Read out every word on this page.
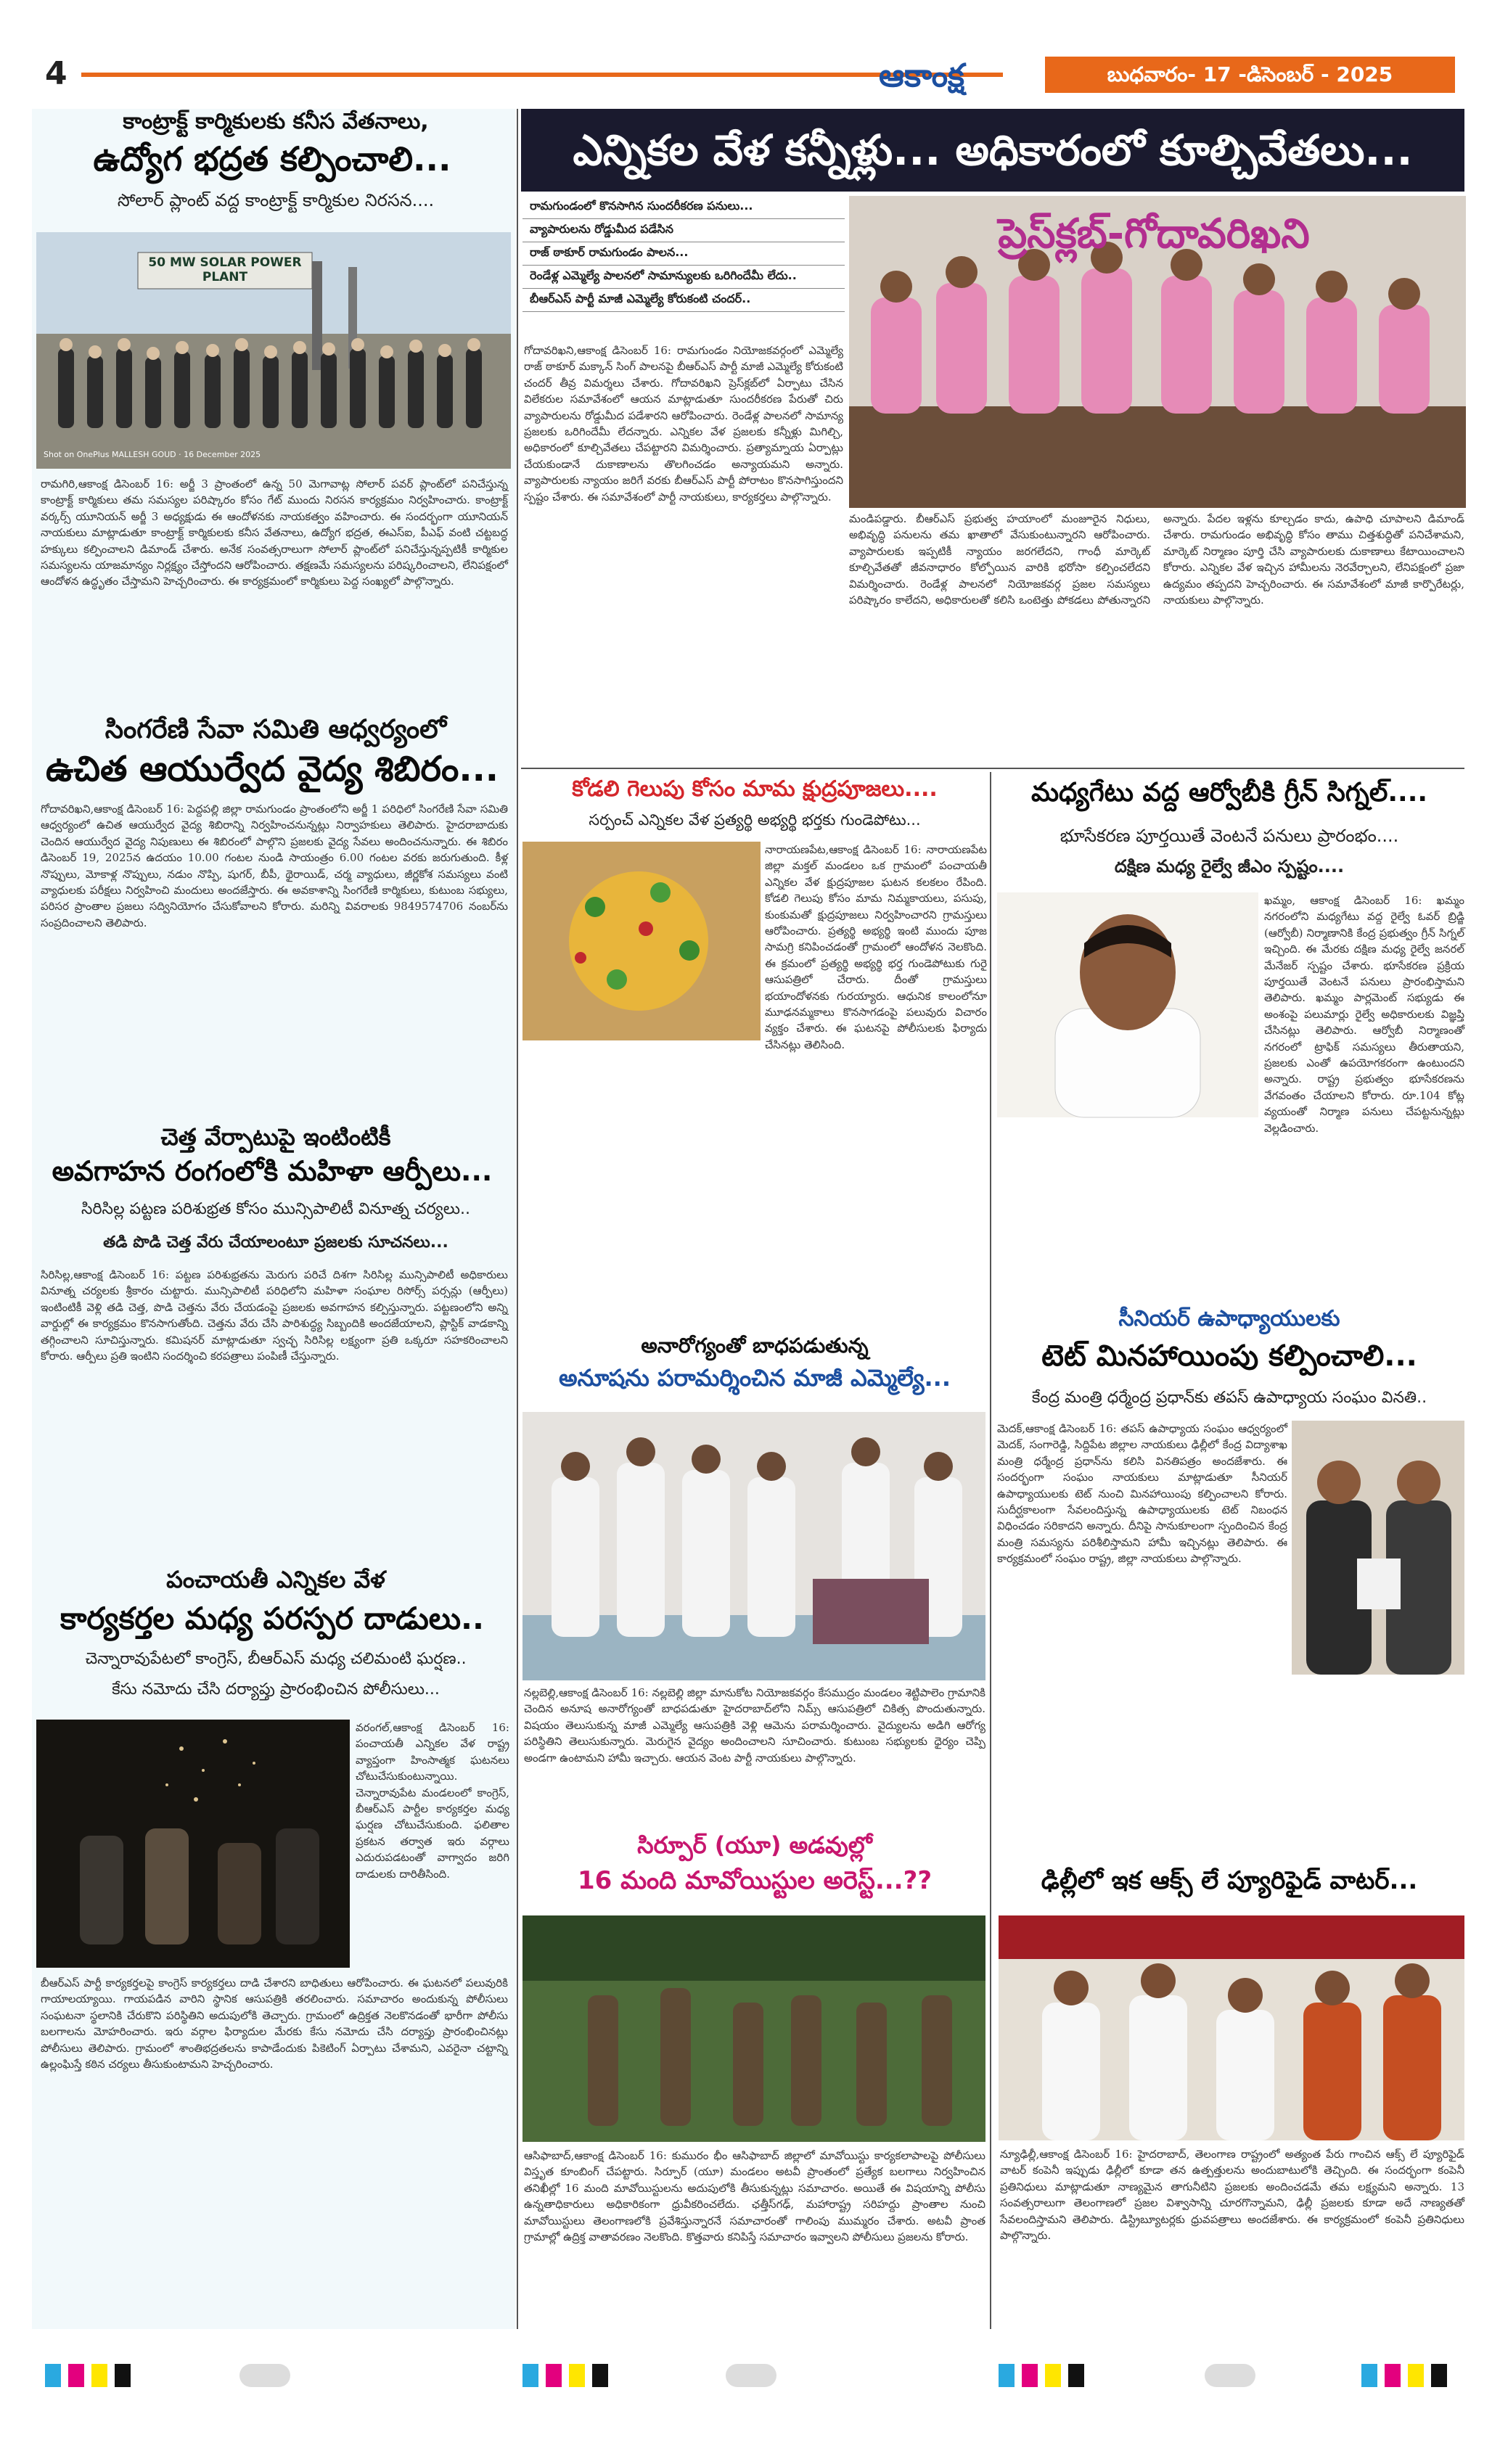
4	ఆకాంక్ష	బుధవారం- 17 -డిసెంబర్ - 2025
కాంట్రాక్ట్ కార్మికులకు కనీస వేతనాలు,
ఉద్యోగ భద్రత కల్పించాలి...
సోలార్ ప్లాంట్ వద్ద కాంట్రాక్ట్ కార్మికుల నిరసన....
50 MW SOLAR POWER PLANT
Shot on OnePlus MALLESH GOUD · 16 December 2025
రామగిరి,ఆకాంక్ష డిసెంబర్ 16: అర్జీ 3 ప్రాంతంలో ఉన్న 50 మెగావాట్ల సోలార్ పవర్ ప్లాంట్‌లో పనిచేస్తున్న కాంట్రాక్ట్ కార్మికులు తమ సమస్యల పరిష్కారం కోసం గేట్ ముందు నిరసన కార్యక్రమం నిర్వహించారు. కాంట్రాక్ట్ వర్కర్స్ యూనియన్ అర్జీ 3 అధ్యక్షుడు ఈ ఆందోళనకు నాయకత్వం వహించారు. ఈ సందర్భంగా యూనియన్ నాయకులు మాట్లాడుతూ కాంట్రాక్ట్ కార్మికులకు కనీస వేతనాలు, ఉద్యోగ భద్రత, ఈఎస్ఐ, పీఎఫ్ వంటి చట్టబద్ధ హక్కులు కల్పించాలని డిమాండ్ చేశారు. అనేక సంవత్సరాలుగా సోలార్ ప్లాంట్‌లో పనిచేస్తున్నప్పటికీ కార్మికుల సమస్యలను యాజమాన్యం నిర్లక్ష్యం చేస్తోందని ఆరోపించారు. తక్షణమే సమస్యలను పరిష్కరించాలని, లేనిపక్షంలో ఆందోళన ఉద్ధృతం చేస్తామని హెచ్చరించారు. ఈ కార్యక్రమంలో కార్మికులు పెద్ద సంఖ్యలో పాల్గొన్నారు.
సింగరేణి సేవా సమితి ఆధ్వర్యంలో
ఉచిత ఆయుర్వేద వైద్య శిబిరం...
గోదావరిఖని,ఆకాంక్ష డిసెంబర్ 16: పెద్దపల్లి జిల్లా రామగుండం ప్రాంతంలోని అర్జీ 1 పరిధిలో సింగరేణి సేవా సమితి ఆధ్వర్యంలో ఉచిత ఆయుర్వేద వైద్య శిబిరాన్ని నిర్వహించనున్నట్లు నిర్వాహకులు తెలిపారు. హైదరాబాదుకు చెందిన ఆయుర్వేద వైద్య నిపుణులు ఈ శిబిరంలో పాల్గొని ప్రజలకు వైద్య సేవలు అందించనున్నారు. ఈ శిబిరం డిసెంబర్ 19, 2025న ఉదయం 10.00 గంటల నుండి సాయంత్రం 6.00 గంటల వరకు జరుగుతుంది. కీళ్ల నొప్పులు, మోకాళ్ల నొప్పులు, నడుం నొప్పి, షుగర్, బీపీ, థైరాయిడ్, చర్మ వ్యాధులు, జీర్ణకోశ సమస్యలు వంటి వ్యాధులకు పరీక్షలు నిర్వహించి మందులు అందజేస్తారు. ఈ అవకాశాన్ని సింగరేణి కార్మికులు, కుటుంబ సభ్యులు, పరిసర ప్రాంతాల ప్రజలు సద్వినియోగం చేసుకోవాలని కోరారు. మరిన్ని వివరాలకు 9849574706 నంబర్‌ను సంప్రదించాలని తెలిపారు.
చెత్త వేర్పాటుపై ఇంటింటికీ
అవగాహన రంగంలోకి మహిళా ఆర్పీలు...
సిరిసిల్ల పట్టణ పరిశుభ్రత కోసం మున్సిపాలిటీ వినూత్న చర్యలు..
తడి పొడి చెత్త వేరు చేయాలంటూ ప్రజలకు సూచనలు...
సిరిసిల్ల,ఆకాంక్ష డిసెంబర్ 16: పట్టణ పరిశుభ్రతను మెరుగు పరిచే దిశగా సిరిసిల్ల మున్సిపాలిటీ అధికారులు వినూత్న చర్యలకు శ్రీకారం చుట్టారు. మున్సిపాలిటీ పరిధిలోని మహిళా సంఘాల రిసోర్స్ పర్సన్లు (ఆర్పీలు) ఇంటింటికీ వెళ్లి తడి చెత్త, పొడి చెత్తను వేరు చేయడంపై ప్రజలకు అవగాహన కల్పిస్తున్నారు. పట్టణంలోని అన్ని వార్డుల్లో ఈ కార్యక్రమం కొనసాగుతోంది. చెత్తను వేరు చేసి పారిశుద్ధ్య సిబ్బందికి అందజేయాలని, ప్లాస్టిక్ వాడకాన్ని తగ్గించాలని సూచిస్తున్నారు. కమిషనర్ మాట్లాడుతూ స్వచ్ఛ సిరిసిల్ల లక్ష్యంగా ప్రతి ఒక్కరూ సహకరించాలని కోరారు. ఆర్పీలు ప్రతి ఇంటిని సందర్శించి కరపత్రాలు పంపిణీ చేస్తున్నారు.
పంచాయతీ ఎన్నికల వేళ
కార్యకర్తల మధ్య పరస్పర దాడులు..
చెన్నారావుపేటలో కాంగ్రెస్, బీఆర్ఎస్ మధ్య చలిమంటి ఘర్షణ..
కేసు నమోదు చేసి దర్యాప్తు ప్రారంభించిన పోలీసులు...
వరంగల్,ఆకాంక్ష డిసెంబర్ 16: పంచాయతీ ఎన్నికల వేళ రాష్ట్ర వ్యాప్తంగా హింసాత్మక ఘటనలు చోటుచేసుకుంటున్నాయి. చెన్నారావుపేట మండలంలో కాంగ్రెస్, బీఆర్ఎస్ పార్టీల కార్యకర్తల మధ్య ఘర్షణ చోటుచేసుకుంది. ఫలితాల ప్రకటన తర్వాత ఇరు వర్గాలు ఎదురుపడటంతో వాగ్వాదం జరిగి దాడులకు దారితీసింది.
బీఆర్ఎస్ పార్టీ కార్యకర్తలపై కాంగ్రెస్ కార్యకర్తలు దాడి చేశారని బాధితులు ఆరోపించారు. ఈ ఘటనలో పలువురికి గాయాలయ్యాయి. గాయపడిన వారిని స్థానిక ఆసుపత్రికి తరలించారు. సమాచారం అందుకున్న పోలీసులు సంఘటనా స్థలానికి చేరుకొని పరిస్థితిని అదుపులోకి తెచ్చారు. గ్రామంలో ఉద్రిక్తత నెలకొనడంతో భారీగా పోలీసు బలగాలను మోహరించారు. ఇరు వర్గాల ఫిర్యాదుల మేరకు కేసు నమోదు చేసి దర్యాప్తు ప్రారంభించినట్లు పోలీసులు తెలిపారు. గ్రామంలో శాంతిభద్రతలను కాపాడేందుకు పికెటింగ్ ఏర్పాటు చేశామని, ఎవరైనా చట్టాన్ని ఉల్లంఘిస్తే కఠిన చర్యలు తీసుకుంటామని హెచ్చరించారు.
ఎన్నికల వేళ కన్నీళ్లు... అధికారంలో కూల్చివేతలు...
రామగుండంలో కొనసాగిన సుందరీకరణ పనులు...
వ్యాపారులను రోడ్డుమీద పడేసిన
రాజ్ ఠాకూర్ రామగుండం పాలన...
రెండేళ్ల ఎమ్మెల్యే పాలనలో సామాన్యులకు ఒరిగిందేమీ లేదు..
బీఆర్ఎస్ పార్టీ మాజీ ఎమ్మెల్యే కోరుకంటి చందర్..
ప్రెస్‌క్లబ్-గోదావరిఖని
గోదావరిఖని,ఆకాంక్ష డిసెంబర్ 16: రామగుండం నియోజకవర్గంలో ఎమ్మెల్యే రాజ్ ఠాకూర్ మక్కాన్ సింగ్ పాలనపై బీఆర్ఎస్ పార్టీ మాజీ ఎమ్మెల్యే కోరుకంటి చందర్ తీవ్ర విమర్శలు చేశారు. గోదావరిఖని ప్రెస్‌క్లబ్‌లో ఏర్పాటు చేసిన విలేకరుల సమావేశంలో ఆయన మాట్లాడుతూ సుందరీకరణ పేరుతో చిరు వ్యాపారులను రోడ్డుమీద పడేశారని ఆరోపించారు. రెండేళ్ల పాలనలో సామాన్య ప్రజలకు ఒరిగిందేమీ లేదన్నారు. ఎన్నికల వేళ ప్రజలకు కన్నీళ్లు మిగిల్చి, అధికారంలో కూల్చివేతలు చేపట్టారని విమర్శించారు. ప్రత్యామ్నాయ ఏర్పాట్లు చేయకుండానే దుకాణాలను తొలగించడం అన్యాయమని అన్నారు. వ్యాపారులకు న్యాయం జరిగే వరకు బీఆర్ఎస్ పార్టీ పోరాటం కొనసాగిస్తుందని స్పష్టం చేశారు. ఈ సమావేశంలో పార్టీ నాయకులు, కార్యకర్తలు పాల్గొన్నారు.
మండిపడ్డారు. బీఆర్ఎస్ ప్రభుత్వ హయాంలో మంజూరైన నిధులు, అభివృద్ధి పనులను తమ ఖాతాలో వేసుకుంటున్నారని ఆరోపించారు. వ్యాపారులకు ఇప్పటికీ న్యాయం జరగలేదని, గాంధీ మార్కెట్ కూల్చివేతతో జీవనాధారం కోల్పోయిన వారికి భరోసా కల్పించలేదని విమర్శించారు. రెండేళ్ల పాలనలో నియోజకవర్గ ప్రజల సమస్యలు పరిష్కారం కాలేదని, అధికారులతో కలిసి ఒంటెత్తు పోకడలు పోతున్నారని అన్నారు. పేదల ఇళ్లను కూల్చడం కాదు, ఉపాధి చూపాలని డిమాండ్ చేశారు. రామగుండం అభివృద్ధి కోసం తాము చిత్తశుద్ధితో పనిచేశామని, మార్కెట్ నిర్మాణం పూర్తి చేసి వ్యాపారులకు దుకాణాలు కేటాయించాలని కోరారు. ఎన్నికల వేళ ఇచ్చిన హామీలను నెరవేర్చాలని, లేనిపక్షంలో ప్రజా ఉద్యమం తప్పదని హెచ్చరించారు. ఈ సమావేశంలో మాజీ కార్పొరేటర్లు, నాయకులు పాల్గొన్నారు.
కోడలి గెలుపు కోసం మామ క్షుద్రపూజలు....
సర్పంచ్ ఎన్నికల వేళ ప్రత్యర్థి అభ్యర్థి భర్తకు గుండెపోటు...
నారాయణపేట,ఆకాంక్ష డిసెంబర్ 16: నారాయణపేట జిల్లా మక్తల్ మండలం ఒక గ్రామంలో పంచాయతీ ఎన్నికల వేళ క్షుద్రపూజల ఘటన కలకలం రేపింది. కోడలి గెలుపు కోసం మామ నిమ్మకాయలు, పసుపు, కుంకుమతో క్షుద్రపూజలు నిర్వహించారని గ్రామస్తులు ఆరోపించారు. ప్రత్యర్థి అభ్యర్థి ఇంటి ముందు పూజ సామగ్రి కనిపించడంతో గ్రామంలో ఆందోళన నెలకొంది. ఈ క్రమంలో ప్రత్యర్థి అభ్యర్థి భర్త గుండెపోటుకు గురై ఆసుపత్రిలో చేరారు. దీంతో గ్రామస్తులు భయాందోళనకు గురయ్యారు. ఆధునిక కాలంలోనూ మూఢనమ్మకాలు కొనసాగడంపై పలువురు విచారం వ్యక్తం చేశారు. ఈ ఘటనపై పోలీసులకు ఫిర్యాదు చేసినట్లు తెలిసింది.
అనారోగ్యంతో బాధపడుతున్న
అనూషను పరామర్శించిన మాజీ ఎమ్మెల్యే...
నల్లబెల్లి,ఆకాంక్ష డిసెంబర్ 16: నల్లబెల్లి జిల్లా మానుకోట నియోజకవర్గం కేసముద్రం మండలం శెట్టిపాలెం గ్రామానికి చెందిన అనూష అనారోగ్యంతో బాధపడుతూ హైదరాబాద్‌లోని నిమ్స్ ఆసుపత్రిలో చికిత్స పొందుతున్నారు. విషయం తెలుసుకున్న మాజీ ఎమ్మెల్యే ఆసుపత్రికి వెళ్లి ఆమెను పరామర్శించారు. వైద్యులను అడిగి ఆరోగ్య పరిస్థితిని తెలుసుకున్నారు. మెరుగైన వైద్యం అందించాలని సూచించారు. కుటుంబ సభ్యులకు ధైర్యం చెప్పి అండగా ఉంటామని హామీ ఇచ్చారు. ఆయన వెంట పార్టీ నాయకులు పాల్గొన్నారు.
సిర్పూర్ (యూ) అడవుల్లో
16 మంది మావోయిస్టుల అరెస్ట్...??
ఆసిఫాబాద్,ఆకాంక్ష డిసెంబర్ 16: కుమురం భీం ఆసిఫాబాద్ జిల్లాలో మావోయిస్టు కార్యకలాపాలపై పోలీసులు విస్తృత కూంబింగ్ చేపట్టారు. సిర్పూర్ (యూ) మండలం అటవీ ప్రాంతంలో ప్రత్యేక బలగాలు నిర్వహించిన తనిఖీల్లో 16 మంది మావోయిస్టులను అదుపులోకి తీసుకున్నట్లు సమాచారం. అయితే ఈ విషయాన్ని పోలీసు ఉన్నతాధికారులు అధికారికంగా ధ్రువీకరించలేదు. ఛత్తీస్‌గఢ్, మహారాష్ట్ర సరిహద్దు ప్రాంతాల నుంచి మావోయిస్టులు తెలంగాణలోకి ప్రవేశిస్తున్నారనే సమాచారంతో గాలింపు ముమ్మరం చేశారు. అటవీ ప్రాంత గ్రామాల్లో ఉద్రిక్త వాతావరణం నెలకొంది. కొత్తవారు కనిపిస్తే సమాచారం ఇవ్వాలని పోలీసులు ప్రజలను కోరారు.
మధ్యగేటు వద్ద ఆర్వోబీకి గ్రీన్ సిగ్నల్....
భూసేకరణ పూర్తయితే వెంటనే పనులు ప్రారంభం....
దక్షిణ మధ్య రైల్వే జీఎం స్పష్టం....
ఖమ్మం, ఆకాంక్ష డిసెంబర్ 16: ఖమ్మం నగరంలోని మధ్యగేటు వద్ద రైల్వే ఓవర్ బ్రిడ్జి (ఆర్వోబీ) నిర్మాణానికి కేంద్ర ప్రభుత్వం గ్రీన్ సిగ్నల్ ఇచ్చింది. ఈ మేరకు దక్షిణ మధ్య రైల్వే జనరల్ మేనేజర్ స్పష్టం చేశారు. భూసేకరణ ప్రక్రియ పూర్తయితే వెంటనే పనులు ప్రారంభిస్తామని తెలిపారు. ఖమ్మం పార్లమెంట్ సభ్యుడు ఈ అంశంపై పలుమార్లు రైల్వే అధికారులకు విజ్ఞప్తి చేసినట్లు తెలిపారు. ఆర్వోబీ నిర్మాణంతో నగరంలో ట్రాఫిక్ సమస్యలు తీరుతాయని, ప్రజలకు ఎంతో ఉపయోగకరంగా ఉంటుందని అన్నారు. రాష్ట్ర ప్రభుత్వం భూసేకరణను వేగవంతం చేయాలని కోరారు. రూ.104 కోట్ల వ్యయంతో నిర్మాణ పనులు చేపట్టనున్నట్లు వెల్లడించారు.
సీనియర్ ఉపాధ్యాయులకు
టెట్ మినహాయింపు కల్పించాలి...
కేంద్ర మంత్రి ధర్మేంద్ర ప్రధాన్‌కు తపస్ ఉపాధ్యాయ సంఘం వినతి..
మెదక్,ఆకాంక్ష డిసెంబర్ 16: తపస్ ఉపాధ్యాయ సంఘం ఆధ్వర్యంలో మెదక్, సంగారెడ్డి, సిద్దిపేట జిల్లాల నాయకులు ఢిల్లీలో కేంద్ర విద్యాశాఖ మంత్రి ధర్మేంద్ర ప్రధాన్‌ను కలిసి వినతిపత్రం అందజేశారు. ఈ సందర్భంగా సంఘం నాయకులు మాట్లాడుతూ సీనియర్ ఉపాధ్యాయులకు టెట్ నుంచి మినహాయింపు కల్పించాలని కోరారు. సుదీర్ఘకాలంగా సేవలందిస్తున్న ఉపాధ్యాయులకు టెట్ నిబంధన విధించడం సరికాదని అన్నారు. దీనిపై సానుకూలంగా స్పందించిన కేంద్ర మంత్రి సమస్యను పరిశీలిస్తామని హామీ ఇచ్చినట్లు తెలిపారు. ఈ కార్యక్రమంలో సంఘం రాష్ట్ర, జిల్లా నాయకులు పాల్గొన్నారు.
ఢిల్లీలో ఇక ఆక్స్ లే ప్యూరిఫైడ్ వాటర్...
న్యూఢిల్లీ,ఆకాంక్ష డిసెంబర్ 16: హైదరాబాద్, తెలంగాణ రాష్ట్రంలో అత్యంత పేరు గాంచిన ఆక్స్ లే ప్యూరిఫైడ్ వాటర్ కంపెనీ ఇప్పుడు ఢిల్లీలో కూడా తన ఉత్పత్తులను అందుబాటులోకి తెచ్చింది. ఈ సందర్భంగా కంపెనీ ప్రతినిధులు మాట్లాడుతూ నాణ్యమైన తాగునీటిని ప్రజలకు అందించడమే తమ లక్ష్యమని అన్నారు. 13 సంవత్సరాలుగా తెలంగాణలో ప్రజల విశ్వాసాన్ని చూరగొన్నామని, ఢిల్లీ ప్రజలకు కూడా అదే నాణ్యతతో సేవలందిస్తామని తెలిపారు. డిస్ట్రిబ్యూటర్లకు ధ్రువపత్రాలు అందజేశారు. ఈ కార్యక్రమంలో కంపెనీ ప్రతినిధులు పాల్గొన్నారు.
